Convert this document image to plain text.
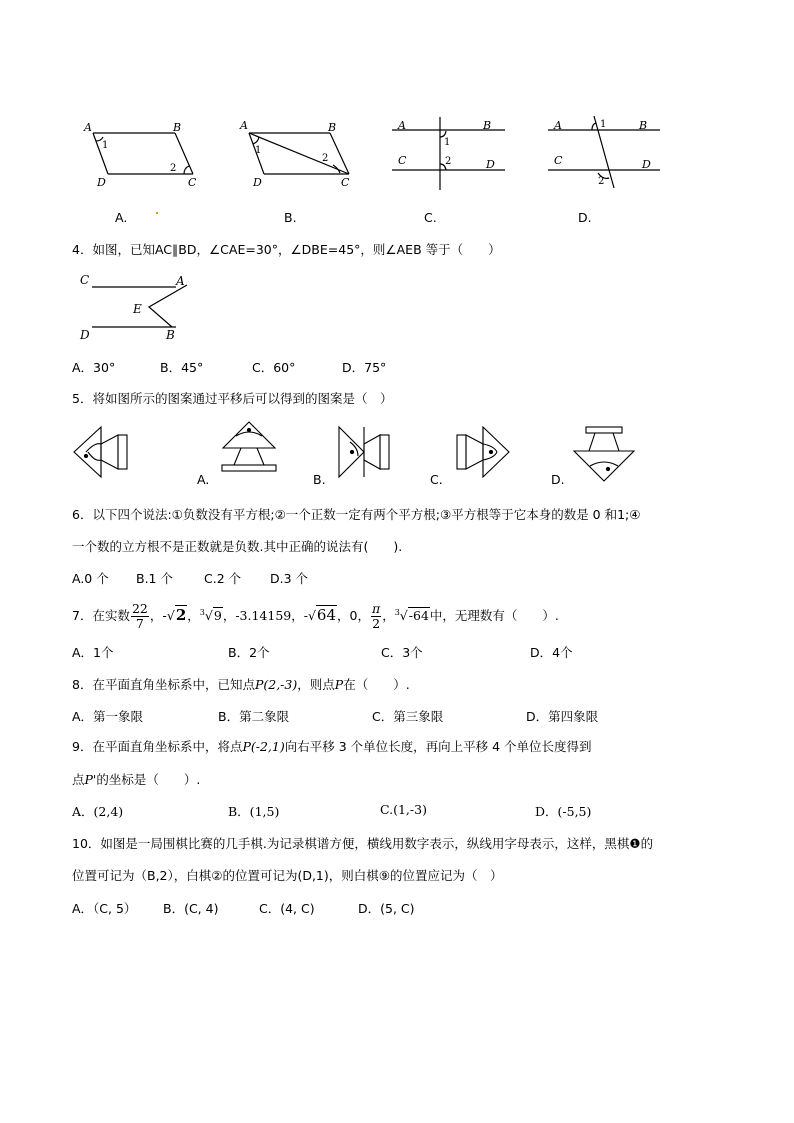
A	B
D	C
1
2
A	B
D	C
1
2
A	B
C	D
1
2
A	B
C	D
1
2
A.	B.	C.	D.
4．如图，已知AC∥BD，∠CAE=30°，∠DBE=45°，则∠AEB 等于（　　）
C	A
E
D	B
A．30°	B．45°	C．60°	D．75°
5．将如图所示的图案通过平移后可以得到的图案是（　）
A.	B.	C.	D.
6．以下四个说法:①负数没有平方根;②一个正数一定有两个平方根;③平方根等于它本身的数是 0 和1;④
一个数的立方根不是正数就是负数.其中正确的说法有(　　).
A.0 个 B.1 个 C.2 个 D.3 个
7．在实数 $\frac{22}{7}$ ，-√2，$^3$√9，-3.14159，-√64，0， $\frac{\pi}{2}$ ，$^3$√-64中，无理数有（　　）.
A．1个	B．2个	C．3个	D．4个
8．在平面直角坐标系中，已知点P(2,-3)，则点P在（　　）.
A．第一象限	B．第二象限	C．第三象限	D．第四象限
9．在平面直角坐标系中，将点P(-2,1)向右平移 3 个单位长度，再向上平移 4 个单位长度得到
点P'的坐标是（　　）.
A．(2,4)	B．(1,5)	C.(1,-3)	D．(-5,5)
10．如图是一局围棋比赛的几手棋.为记录棋谱方便，横线用数字表示，纵线用字母表示，这样，黑棋❶的
位置可记为（B,2），白棋②的位置可记为(D,1)，则白棋⑨的位置应记为（　）
A．（C, 5） B．(C, 4)	C．(4, C)	D．(5, C)
